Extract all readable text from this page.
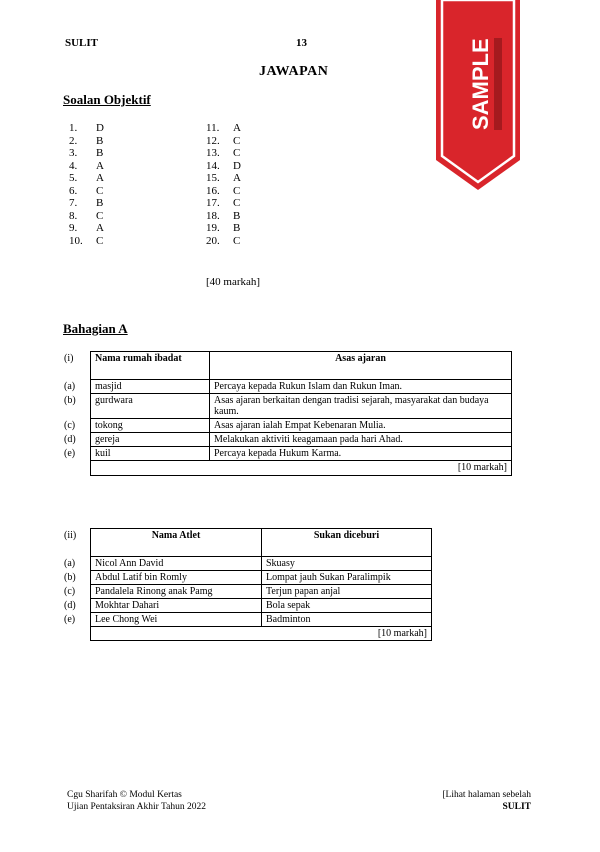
SULIT	13
JAWAPAN	SAMPLE
Soalan Objektif
1.	D
2.	B
3.	B
4.	A
5.	A
6.	C
7.	B
8.	C
9.	A
10.	C
11.	A
12.	C
13.	C
14.	D
15.	A
16.	C
17.	C
18.	B
19.	B
20.	C
[40 markah]
Bahagian A
(i)	Nama rumah ibadat	Asas ajaran
(a)	masjid	Percaya kepada Rukun Islam dan Rukun Iman.
(b)	gurdwara	Asas ajaran berkaitan dengan tradisi sejarah, masyarakat dan budaya kaum.
(c)	tokong	Asas ajaran ialah Empat Kebenaran Mulia.
(d)	gereja	Melakukan aktiviti keagamaan pada hari Ahad.
(e)	kuil	Percaya kepada Hukum Karma.
	[10 markah]	
(ii)	Nama Atlet	Sukan diceburi
(a)	Nicol Ann David	Skuasy
(b)	Abdul Latif bin Romly	Lompat jauh Sukan Paralimpik
(c)	Pandalela Rinong anak Pamg	Terjun papan anjal
(d)	Mokhtar Dahari	Bola sepak
(e)	Lee Chong Wei	Badminton
	[10 markah]	
Cgu Sharifah © Modul Kertas
Ujian Pentaksiran Akhir Tahun 2022
[Lihat halaman sebelah
SULIT
